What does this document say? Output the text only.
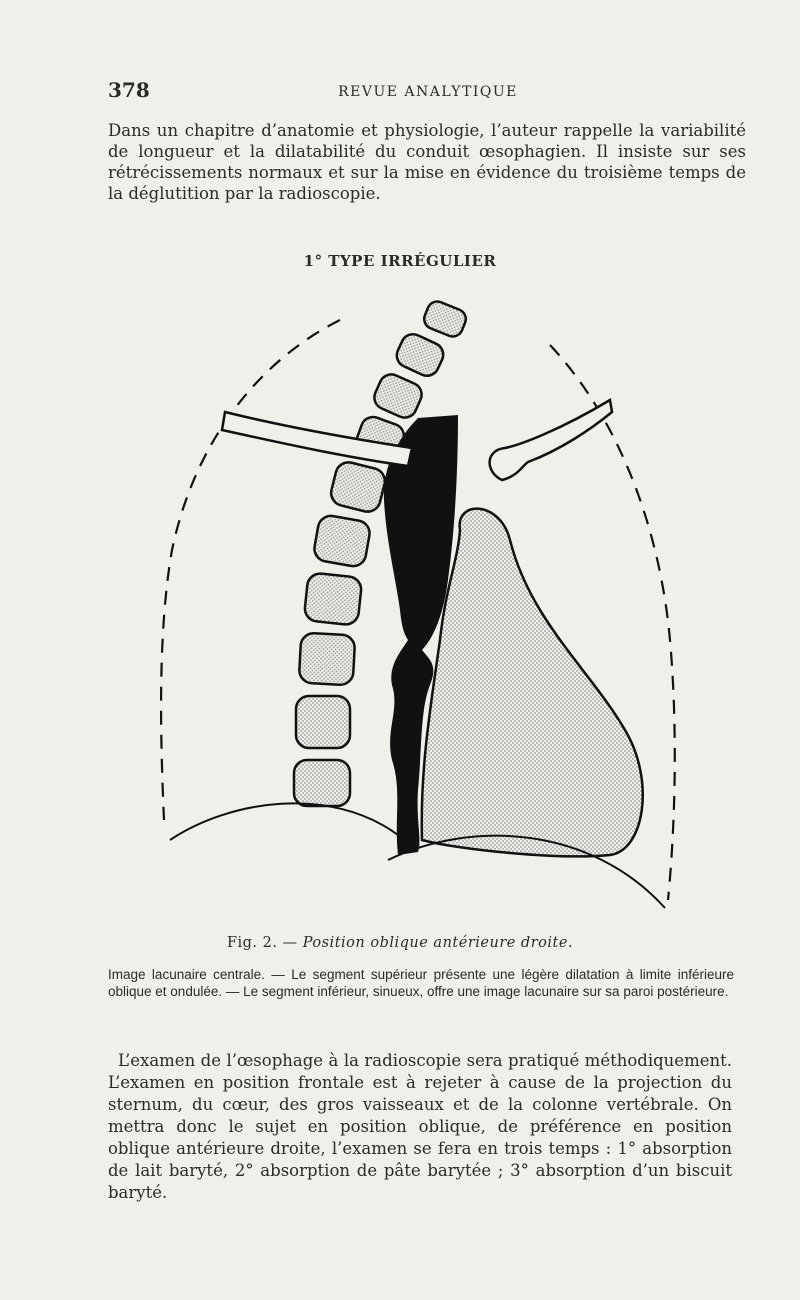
378	REVUE ANALYTIQUE

Dans un chapitre d’anatomie et physiologie, l’auteur rappelle la variabilité de longueur et la dilatabilité du conduit œsophagien. Il insiste sur ses rétrécissements normaux et sur la mise en évidence du troisième temps de la déglutition par la radioscopie.

1° TYPE IRRÉGULIER
Fig. 2. — Position oblique antérieure droite.

Image lacunaire centrale. — Le segment supérieur présente une légère dilatation à limite inférieure oblique et ondulée. — Le segment inférieur, sinueux, offre une image lacunaire sur sa paroi postérieure.

L’examen de l’œsophage à la radioscopie sera pratiqué méthodiquement. L’examen en position frontale est à rejeter à cause de la projection du sternum, du cœur, des gros vaisseaux et de la colonne vertébrale. On mettra donc le sujet en position oblique, de préférence en position oblique antérieure droite, l’examen se fera en trois temps : 1° absorption de lait baryté, 2° absorption de pâte barytée ; 3° absorption d’un biscuit baryté.
